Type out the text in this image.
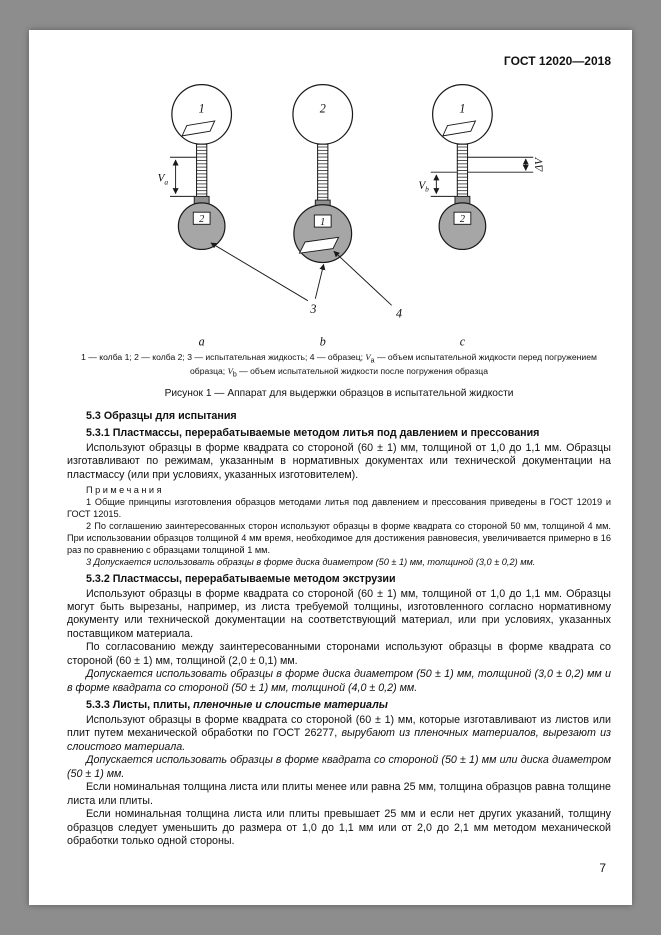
ГОСТ 12020—2018
1
2
$V_a$
2
1
1
2
$V_b$
ΔV
3	4
a	b	c
1 — колба 1; 2 — колба 2; 3 — испытательная жидкость; 4 — образец; $V_a$ — объем испытательной жидкости перед погружением образца; $V_b$ — объем испытательной жидкости после погружения образца
Рисунок 1 — Аппарат для выдержки образцов в испытательной жидкости

5.3 Образцы для испытания

5.3.1 Пластмассы, перерабатываемые методом литья под давлением и прессования

Используют образцы в форме квадрата со стороной (60 ± 1) мм, толщиной от 1,0 до 1,1 мм. Образцы изготавливают по режимам, указанным в нормативных документах или технической документации на пластмассу (или при условиях, указанных изготовителем).

Примечания

1 Общие принципы изготовления образцов методами литья под давлением и прессования приведены в ГОСТ 12019 и ГОСТ 12015.

2 По соглашению заинтересованных сторон используют образцы в форме квадрата со стороной 50 мм, толщиной 4 мм. При использовании образцов толщиной 4 мм время, необходимое для достижения равновесия, увеличивается примерно в 16 раз по сравнению с образцами толщиной 1 мм.

3 Допускается использовать образцы в форме диска диаметром (50 ± 1) мм, толщиной (3,0 ± 0,2) мм.

5.3.2 Пластмассы, перерабатываемые методом экструзии

Используют образцы в форме квадрата со стороной (60 ± 1) мм, толщиной от 1,0 до 1,1 мм. Образцы могут быть вырезаны, например, из листа требуемой толщины, изготовленного согласно нормативному документу или технической документации на соответствующий материал, или при условиях, указанных поставщиком материала.

По согласованию между заинтересованными сторонами используют образцы в форме квадрата со стороной (60 ± 1) мм, толщиной (2,0 ± 0,1) мм.

Допускается использовать образцы в форме диска диаметром (50 ± 1) мм, толщиной (3,0 ± 0,2) мм и в форме квадрата со стороной (50 ± 1) мм, толщиной (4,0 ± 0,2) мм.

5.3.3 Листы, плиты, пленочные и слоистые материалы

Используют образцы в форме квадрата со стороной (60 ± 1) мм, которые изготавливают из листов или плит путем механической обработки по ГОСТ 26277, вырубают из пленочных материалов, вырезают из слоистого материала.

Допускается использовать образцы в форме квадрата со стороной (50 ± 1) мм или диска диаметром (50 ± 1) мм.

Если номинальная толщина листа или плиты менее или равна 25 мм, толщина образцов равна толщине листа или плиты.

Если номинальная толщина листа или плиты превышает 25 мм и если нет других указаний, толщину образцов следует уменьшить до размера от 1,0 до 1,1 мм или от 2,0 до 2,1 мм методом механической обработки только одной стороны.

7
